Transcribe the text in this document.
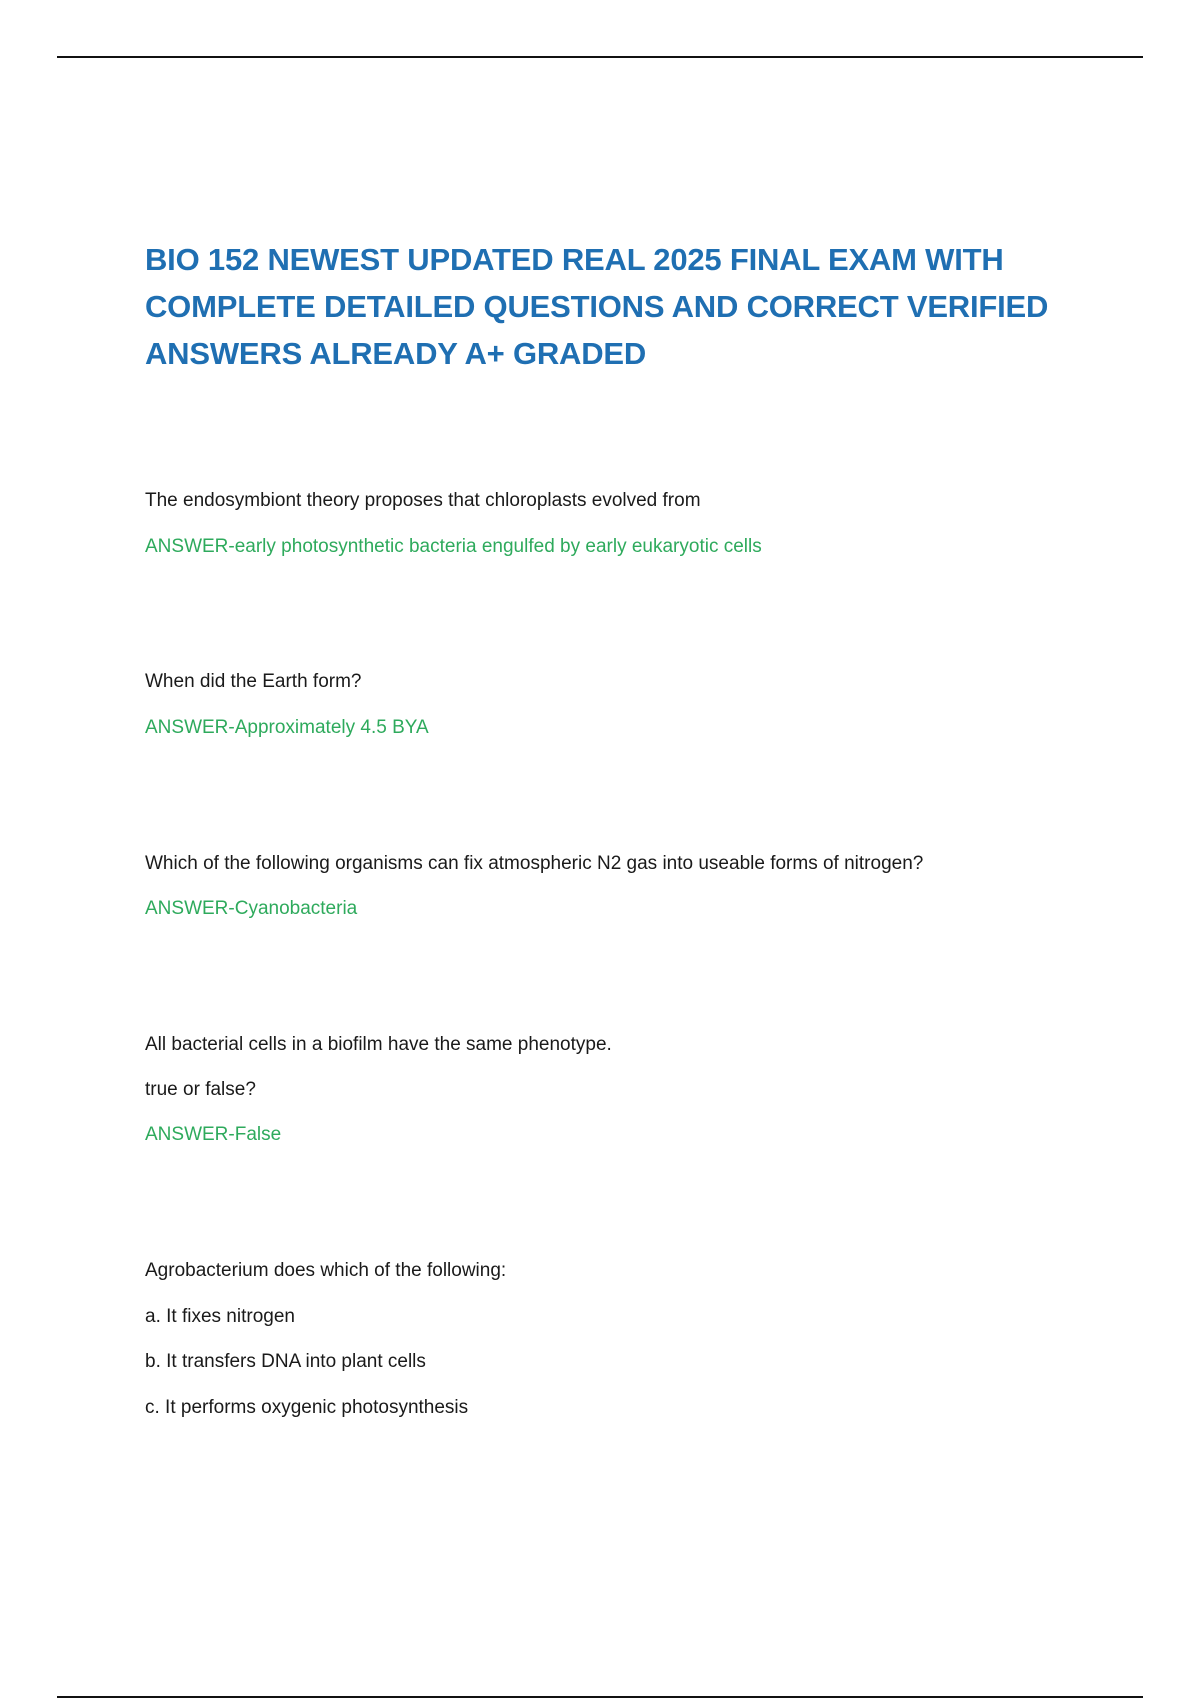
BIO 152 NEWEST UPDATED REAL 2025 FINAL EXAM WITH COMPLETE DETAILED QUESTIONS AND CORRECT VERIFIED ANSWERS ALREADY A+ GRADED

The endosymbiont theory proposes that chloroplasts evolved from

ANSWER-early photosynthetic bacteria engulfed by early eukaryotic cells

When did the Earth form?

ANSWER-Approximately 4.5 BYA

Which of the following organisms can fix atmospheric N2 gas into useable forms of nitrogen?

ANSWER-Cyanobacteria

All bacterial cells in a biofilm have the same phenotype.

true or false?

ANSWER-False

Agrobacterium does which of the following:

a. It fixes nitrogen

b. It transfers DNA into plant cells

c. It performs oxygenic photosynthesis
